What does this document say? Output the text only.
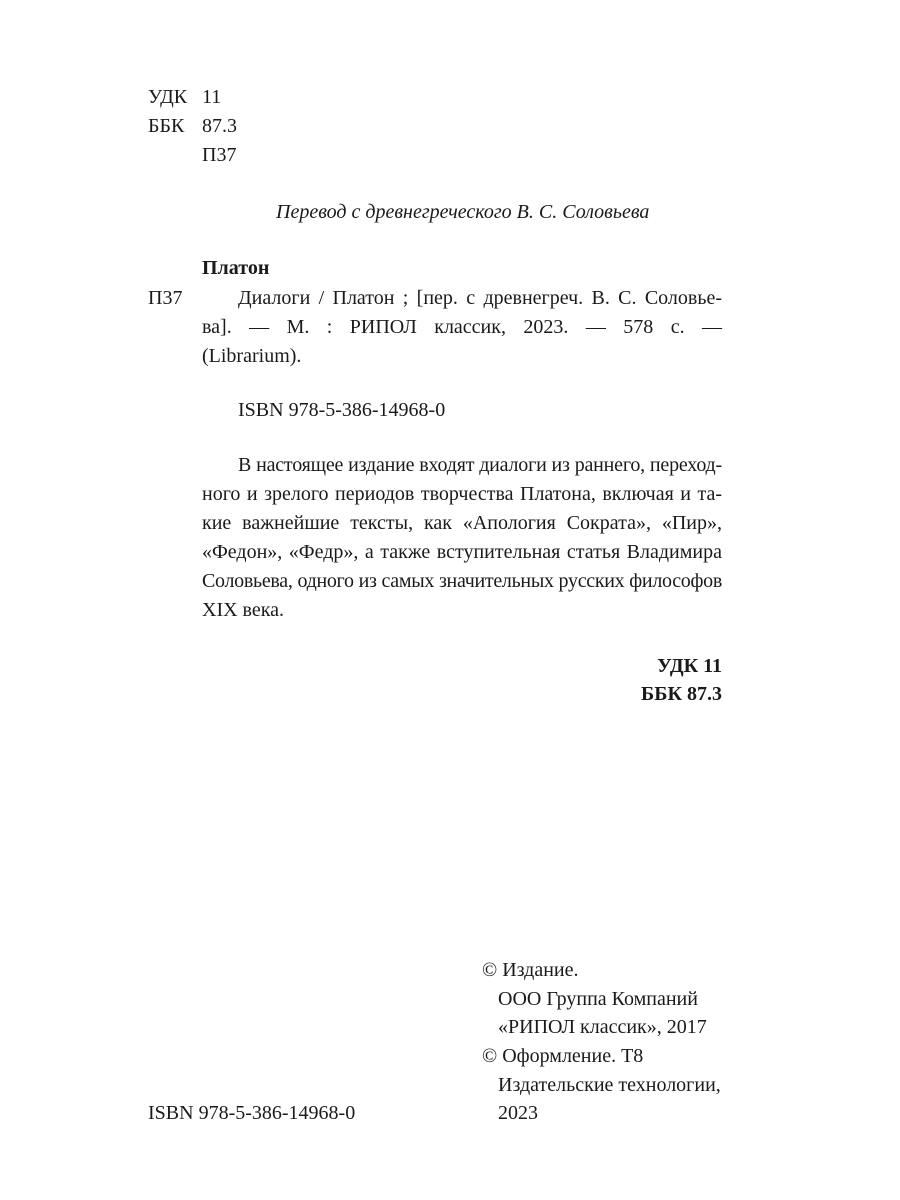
УДК 11
ББК 87.3
П37
Перевод с древнегреческого В. С. Соловьева
Платон
П37	Диалоги / Платон ; [пер. с древнегреч. В. С. Соловье-
ва]. — М. : РИПОЛ классик, 2023. — 578 с. —
(Librarium).
ISBN 978-5-386-14968-0
В настоящее издание входят диалоги из раннего, переход-
ного и зрелого периодов творчества Платона, включая и та-
кие важнейшие тексты, как «Апология Сократа», «Пир»,
«Федон», «Федр», а также вступительная статья Владимира
Соловьева, одного из самых значительных русских философов
XIX века.
УДК 11
ББК 87.3
© Издание.
ООО Группа Компаний
«РИПОЛ классик», 2017
© Оформление. Т8
Издательские технологии,
2023
ISBN 978-5-386-14968-0
